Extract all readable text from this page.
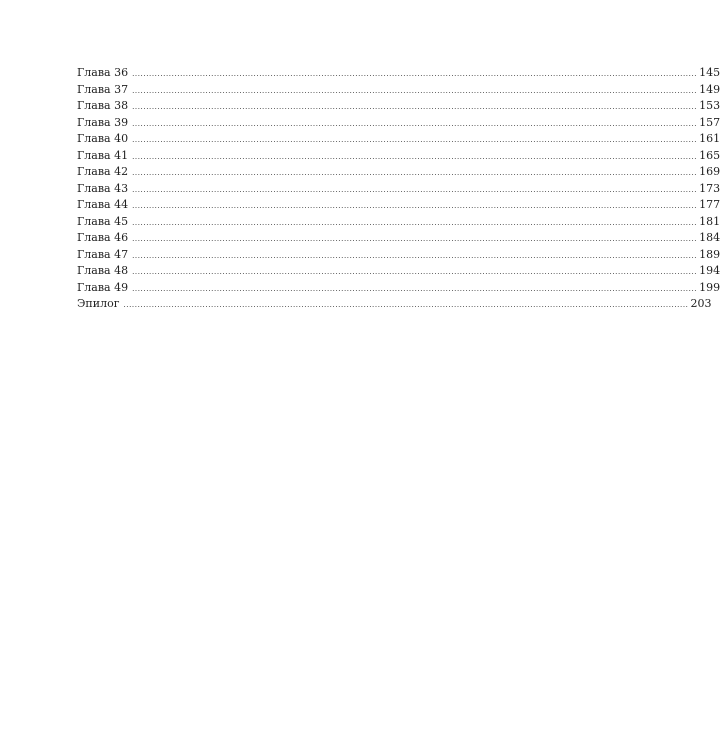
Глава 36 ........................................................................................................................................................................................................ 145
Глава 37 ........................................................................................................................................................................................................ 149
Глава 38 ........................................................................................................................................................................................................ 153
Глава 39 ........................................................................................................................................................................................................ 157
Глава 40 ........................................................................................................................................................................................................ 161
Глава 41 ........................................................................................................................................................................................................ 165
Глава 42 ........................................................................................................................................................................................................ 169
Глава 43 ........................................................................................................................................................................................................ 173
Глава 44 ........................................................................................................................................................................................................ 177
Глава 45 ........................................................................................................................................................................................................ 181
Глава 46 ........................................................................................................................................................................................................ 184
Глава 47 ........................................................................................................................................................................................................ 189
Глава 48 ........................................................................................................................................................................................................ 194
Глава 49 ........................................................................................................................................................................................................ 199
Эпилог ........................................................................................................................................................................................................ 203
